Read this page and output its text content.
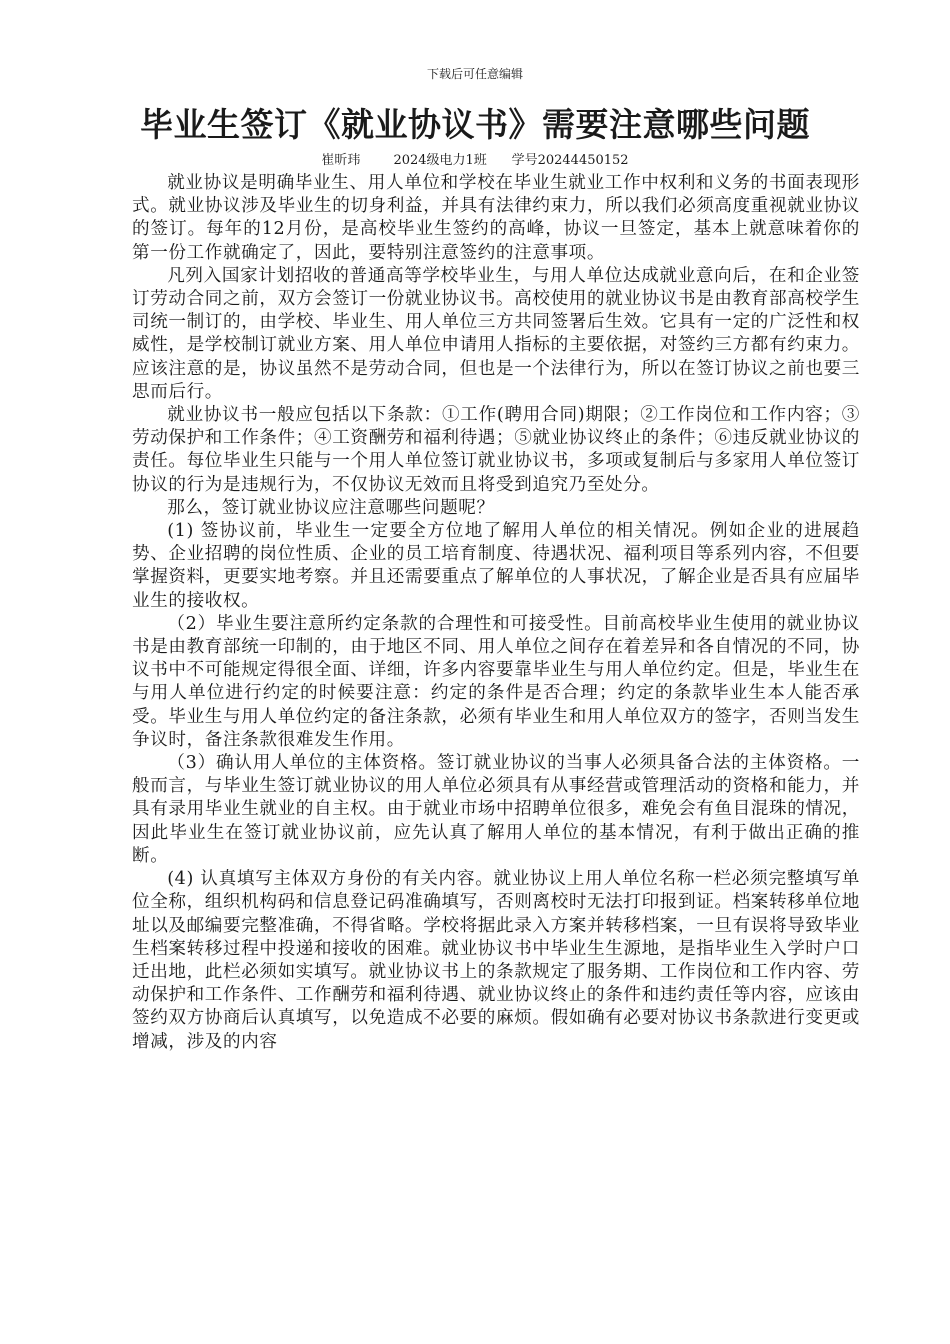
下载后可任意编辑
毕业生签订《就业协议书》需要注意哪些问题
崔昕玮        2024级电力1班      学号20244450152

就业协议是明确毕业生、用人单位和学校在毕业生就业工作中权利和义务的书面表现形式。就业协议涉及毕业生的切身利益，并具有法律约束力，所以我们必须高度重视就业协议的签订。每年的12月份，是高校毕业生签约的高峰，协议一旦签定，基本上就意味着你的第一份工作就确定了，因此，要特别注意签约的注意事项。

凡列入国家计划招收的普通高等学校毕业生，与用人单位达成就业意向后，在和企业签订劳动合同之前，双方会签订一份就业协议书。高校使用的就业协议书是由教育部高校学生司统一制订的，由学校、毕业生、用人单位三方共同签署后生效。它具有一定的广泛性和权威性，是学校制订就业方案、用人单位申请用人指标的主要依据，对签约三方都有约束力。应该注意的是，协议虽然不是劳动合同，但也是一个法律行为，所以在签订协议之前也要三思而后行。

就业协议书一般应包括以下条款：①工作(聘用合同)期限；②工作岗位和工作内容；③劳动保护和工作条件；④工资酬劳和福利待遇；⑤就业协议终止的条件；⑥违反就业协议的责任。每位毕业生只能与一个用人单位签订就业协议书，多项或复制后与多家用人单位签订协议的行为是违规行为，不仅协议无效而且将受到追究乃至处分。

那么，签订就业协议应注意哪些问题呢？

(1) 签协议前，毕业生一定要全方位地了解用人单位的相关情况。例如企业的进展趋势、企业招聘的岗位性质、企业的员工培育制度、待遇状况、福利项目等系列内容，不但要掌握资料，更要实地考察。并且还需要重点了解单位的人事状况，了解企业是否具有应届毕业生的接收权。

（2）毕业生要注意所约定条款的合理性和可接受性。目前高校毕业生使用的就业协议书是由教育部统一印制的，由于地区不同、用人单位之间存在着差异和各自情况的不同，协议书中不可能规定得很全面、详细，许多内容要靠毕业生与用人单位约定。但是，毕业生在与用人单位进行约定的时候要注意：约定的条件是否合理；约定的条款毕业生本人能否承受。毕业生与用人单位约定的备注条款，必须有毕业生和用人单位双方的签字，否则当发生争议时，备注条款很难发生作用。

（3）确认用人单位的主体资格。签订就业协议的当事人必须具备合法的主体资格。一般而言，与毕业生签订就业协议的用人单位必须具有从事经营或管理活动的资格和能力，并具有录用毕业生就业的自主权。由于就业市场中招聘单位很多，难免会有鱼目混珠的情况，因此毕业生在签订就业协议前，应先认真了解用人单位的基本情况，有利于做出正确的推断。

(4) 认真填写主体双方身份的有关内容。就业协议上用人单位名称一栏必须完整填写单位全称，组织机构码和信息登记码准确填写，否则离校时无法打印报到证。档案转移单位地址以及邮编要完整准确，不得省略。学校将据此录入方案并转移档案，一旦有误将导致毕业生档案转移过程中投递和接收的困难。就业协议书中毕业生生源地，是指毕业生入学时户口迁出地，此栏必须如实填写。就业协议书上的条款规定了服务期、工作岗位和工作内容、劳动保护和工作条件、工作酬劳和福利待遇、就业协议终止的条件和违约责任等内容，应该由签约双方协商后认真填写，以免造成不必要的麻烦。假如确有必要对协议书条款进行变更或增减，涉及的内容
